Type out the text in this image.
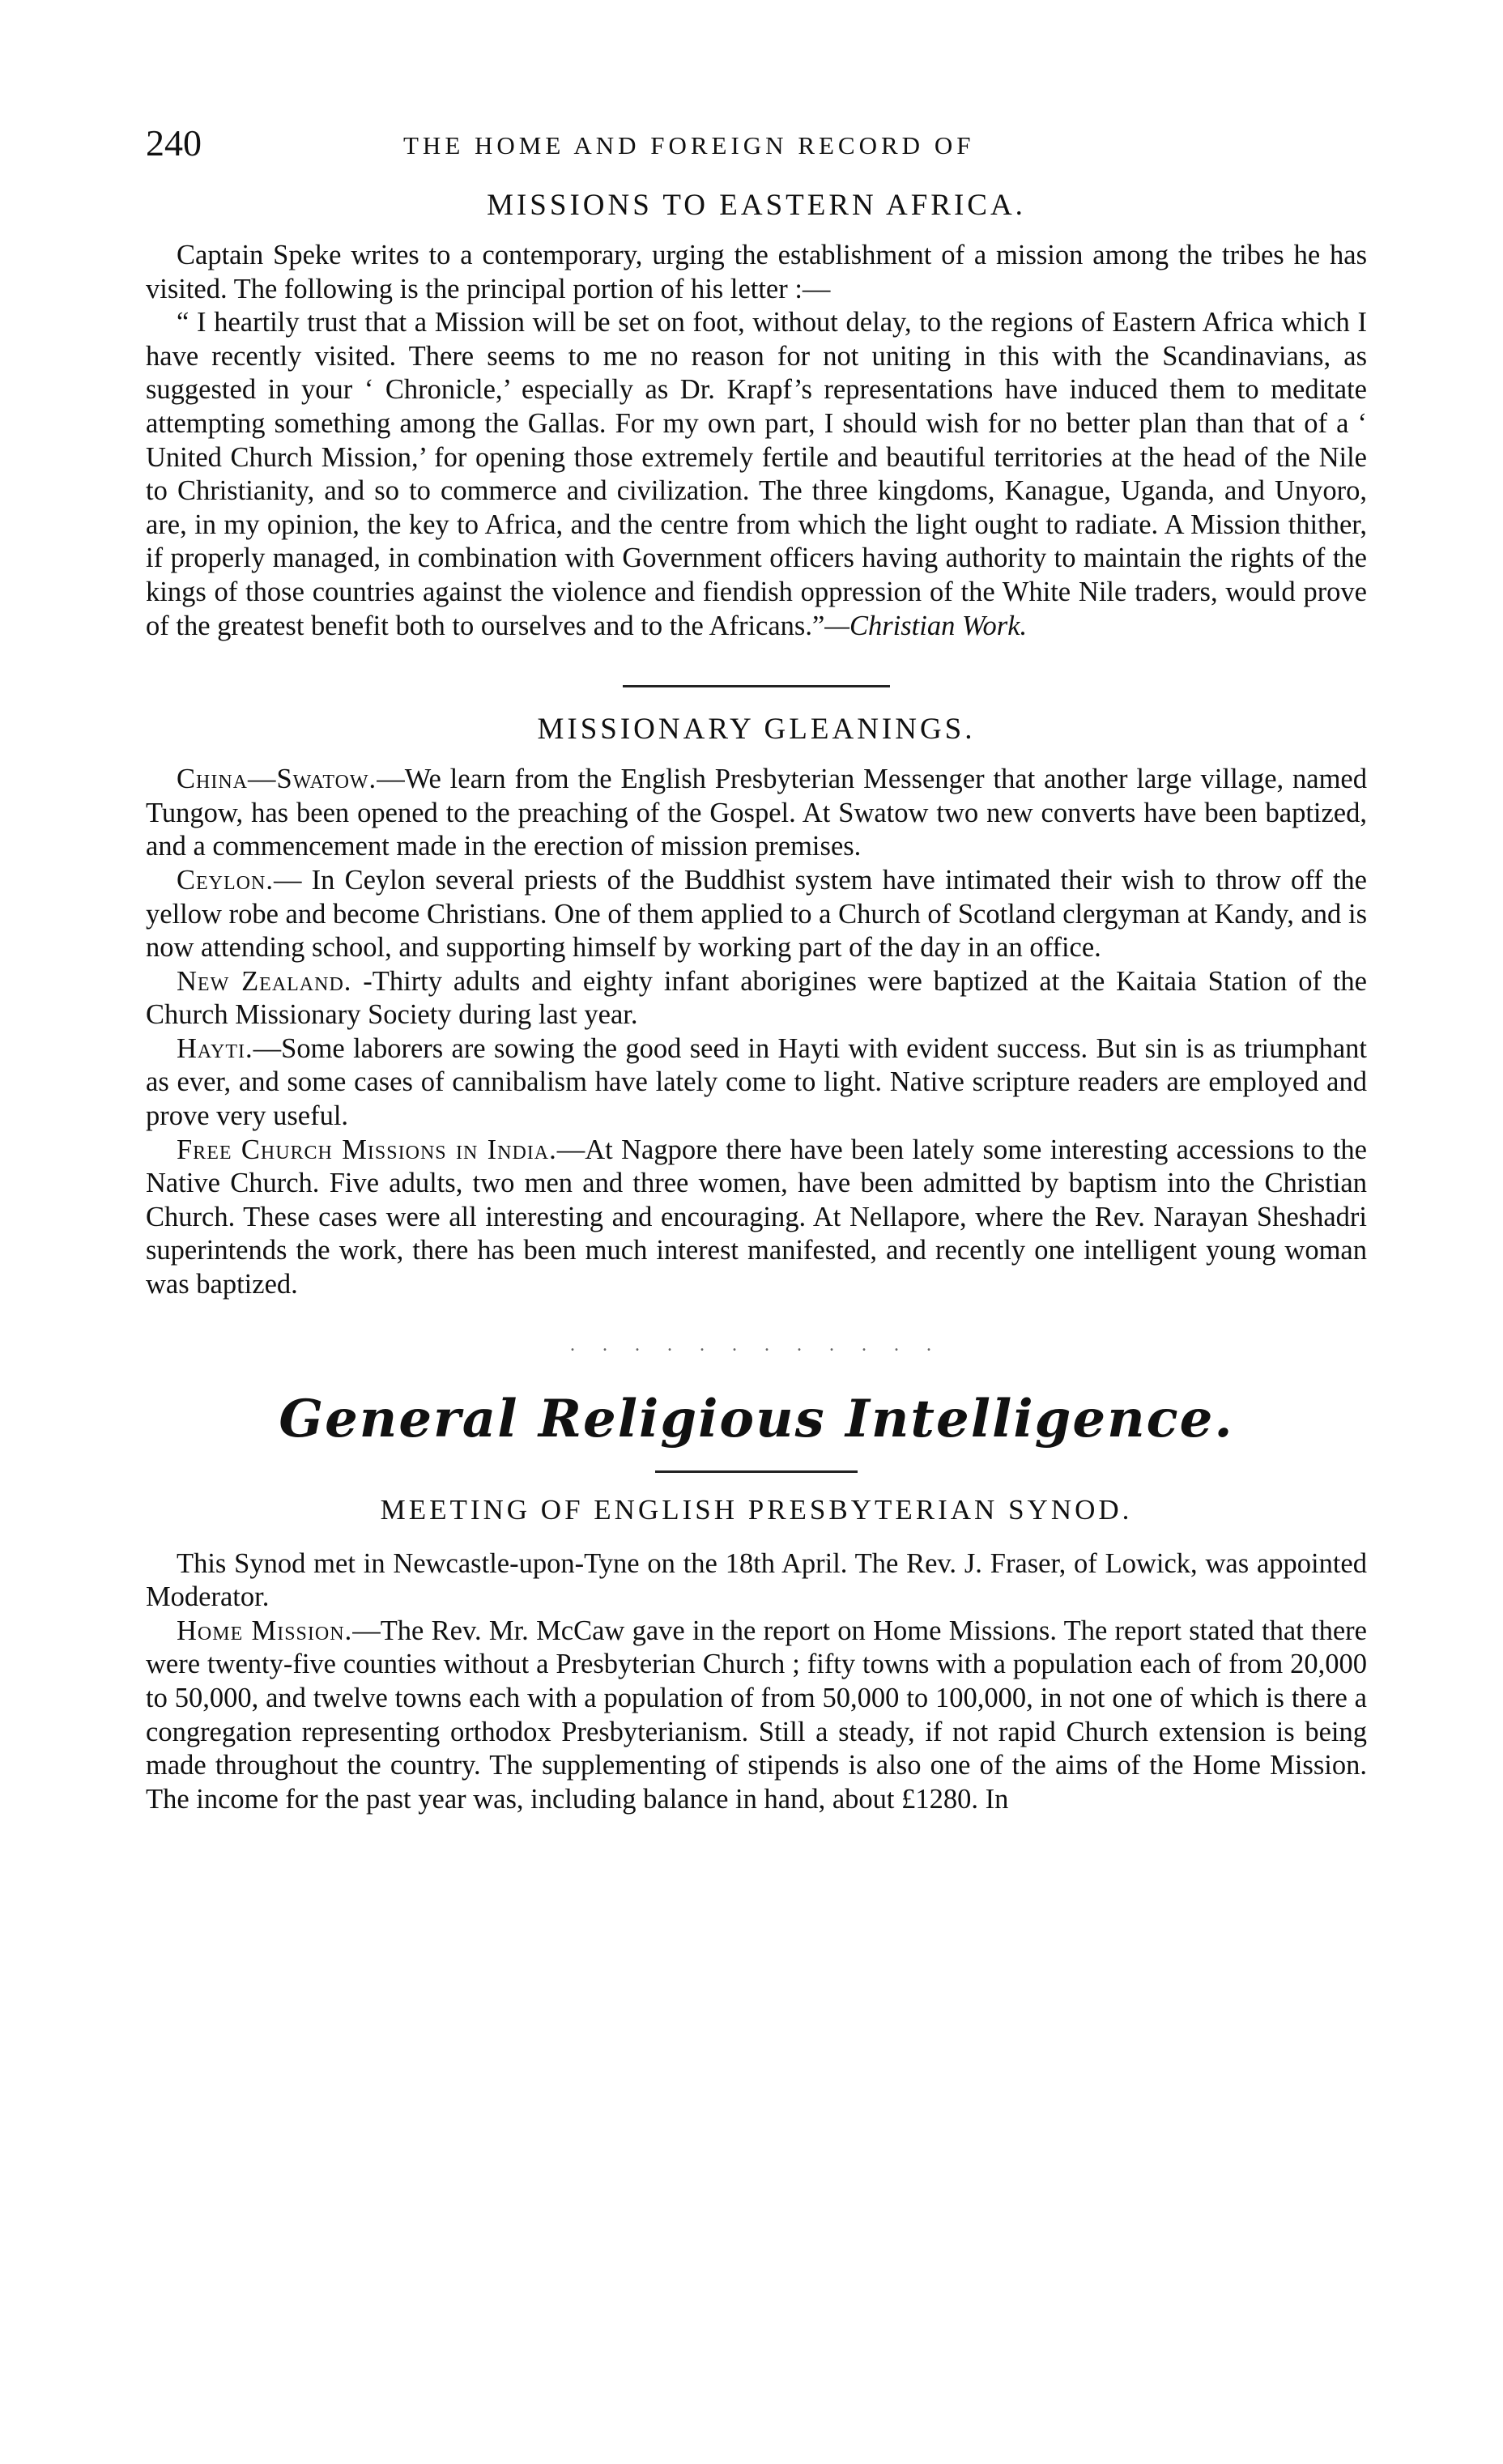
240	THE HOME AND FOREIGN RECORD OF
MISSIONS TO EASTERN AFRICA.

Captain Speke writes to a contemporary, urging the establishment of a mission among the tribes he has visited. The following is the principal portion of his letter :—

“ I heartily trust that a Mission will be set on foot, without delay, to the regions of Eastern Africa which I have recently visited. There seems to me no reason for not uniting in this with the Scandinavians, as suggested in your ‘ Chronicle,’ especially as Dr. Krapf’s representations have induced them to meditate attempting something among the Gallas. For my own part, I should wish for no better plan than that of a ‘ United Church Mission,’ for opening those extremely fertile and beautiful territories at the head of the Nile to Christianity, and so to commerce and civilization. The three kingdoms, Kanague, Uganda, and Unyoro, are, in my opinion, the key to Africa, and the centre from which the light ought to radiate. A Mission thither, if properly managed, in combination with Government officers having authority to maintain the rights of the kings of those countries against the violence and fiendish oppression of the White Nile traders, would prove of the greatest benefit both to ourselves and to the Africans.”—Christian Work.

MISSIONARY GLEANINGS.

China—Swatow.—We learn from the English Presbyterian Messenger that another large village, named Tungow, has been opened to the preaching of the Gospel. At Swatow two new converts have been baptized, and a commencement made in the erection of mission premises.

Ceylon.— In Ceylon several priests of the Buddhist system have intimated their wish to throw off the yellow robe and become Christians. One of them applied to a Church of Scotland clergyman at Kandy, and is now attending school, and supporting himself by working part of the day in an office.

New Zealand. -Thirty adults and eighty infant aborigines were baptized at the Kaitaia Station of the Church Missionary Society during last year.

Hayti.—Some laborers are sowing the good seed in Hayti with evident success. But sin is as triumphant as ever, and some cases of cannibalism have lately come to light. Native scripture readers are employed and prove very useful.

Free Church Missions in India.—At Nagpore there have been lately some interesting accessions to the Native Church. Five adults, two men and three women, have been admitted by baptism into the Christian Church. These cases were all interesting and encouraging. At Nellapore, where the Rev. Narayan Sheshadri superintends the work, there has been much interest manifested, and recently one intelligent young woman was baptized.

. . . . . . . . . . . .
General Religious Intelligence.
MEETING OF ENGLISH PRESBYTERIAN SYNOD.

This Synod met in Newcastle-upon-Tyne on the 18th April. The Rev. J. Fraser, of Lowick, was appointed Moderator.

Home Mission.—The Rev. Mr. McCaw gave in the report on Home Missions. The report stated that there were twenty-five counties without a Presbyterian Church ; fifty towns with a population each of from 20,000 to 50,000, and twelve towns each with a population of from 50,000 to 100,000, in not one of which is there a congregation representing orthodox Presbyterianism. Still a steady, if not rapid Church extension is being made throughout the country. The supplementing of stipends is also one of the aims of the Home Mission. The income for the past year was, including balance in hand, about £1280. In
